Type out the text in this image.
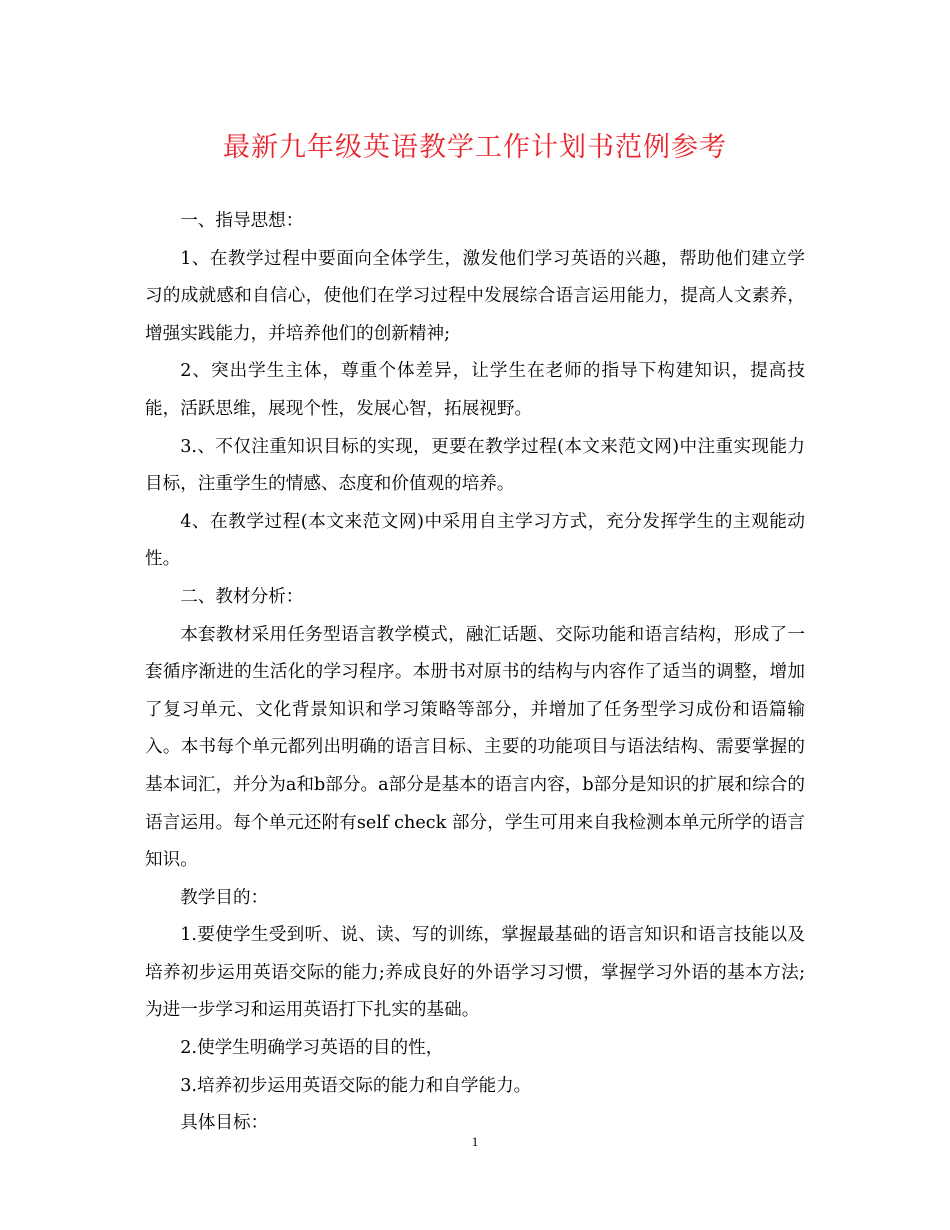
最新九年级英语教学工作计划书范例参考

一、指导思想：

1、在教学过程中要面向全体学生，激发他们学习英语的兴趣，帮助他们建立学习的成就感和自信心，使他们在学习过程中发展综合语言运用能力，提高人文素养，增强实践能力，并培养他们的创新精神;

2、突出学生主体，尊重个体差异，让学生在老师的指导下构建知识，提高技能，活跃思维，展现个性，发展心智，拓展视野。

3.、不仅注重知识目标的实现，更要在教学过程(本文来范文网)中注重实现能力目标，注重学生的情感、态度和价值观的培养。

4、在教学过程(本文来范文网)中采用自主学习方式，充分发挥学生的主观能动性。

二、教材分析：

本套教材采用任务型语言教学模式，融汇话题、交际功能和语言结构，形成了一套循序渐进的生活化的学习程序。本册书对原书的结构与内容作了适当的调整，增加了复习单元、文化背景知识和学习策略等部分，并增加了任务型学习成份和语篇输入。本书每个单元都列出明确的语言目标、主要的功能项目与语法结构、需要掌握的基本词汇，并分为a和b部分。a部分是基本的语言内容，b部分是知识的扩展和综合的语言运用。每个单元还附有self check 部分，学生可用来自我检测本单元所学的语言知识。

教学目的：

1.要使学生受到听、说、读、写的训练，掌握最基础的语言知识和语言技能以及培养初步运用英语交际的能力;养成良好的外语学习习惯，掌握学习外语的基本方法;为进一步学习和运用英语打下扎实的基础。

2.使学生明确学习英语的目的性，

3.培养初步运用英语交际的能力和自学能力。

具体目标：

1
